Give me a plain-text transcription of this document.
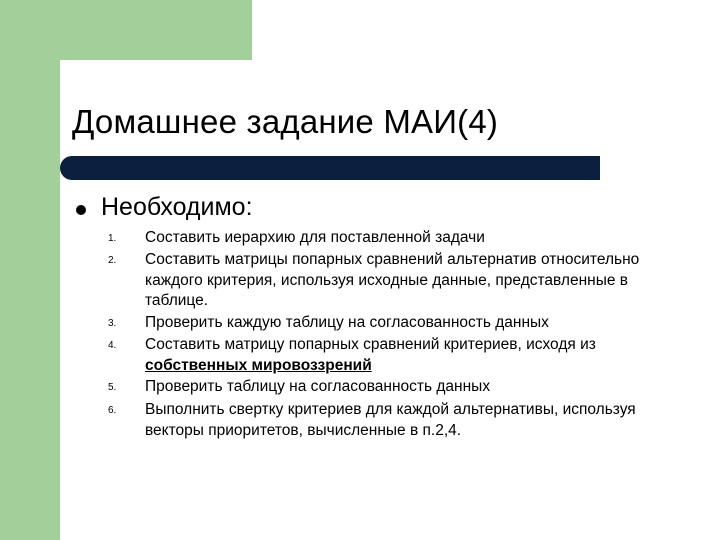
Домашнее задание МАИ(4)
Необходимо:
1. Составить иерархию для поставленной задачи
2. Составить матрицы попарных сравнений альтернатив относительно
каждого критерия, используя исходные данные, представленные в
таблице.
3. Проверить каждую таблицу на согласованность данных
4. Составить матрицу попарных сравнений критериев, исходя из
собственных мировоззрений
5. Проверить таблицу на согласованность данных
6. Выполнить свертку критериев для каждой альтернативы, используя
векторы приоритетов, вычисленные в п.2,4.
